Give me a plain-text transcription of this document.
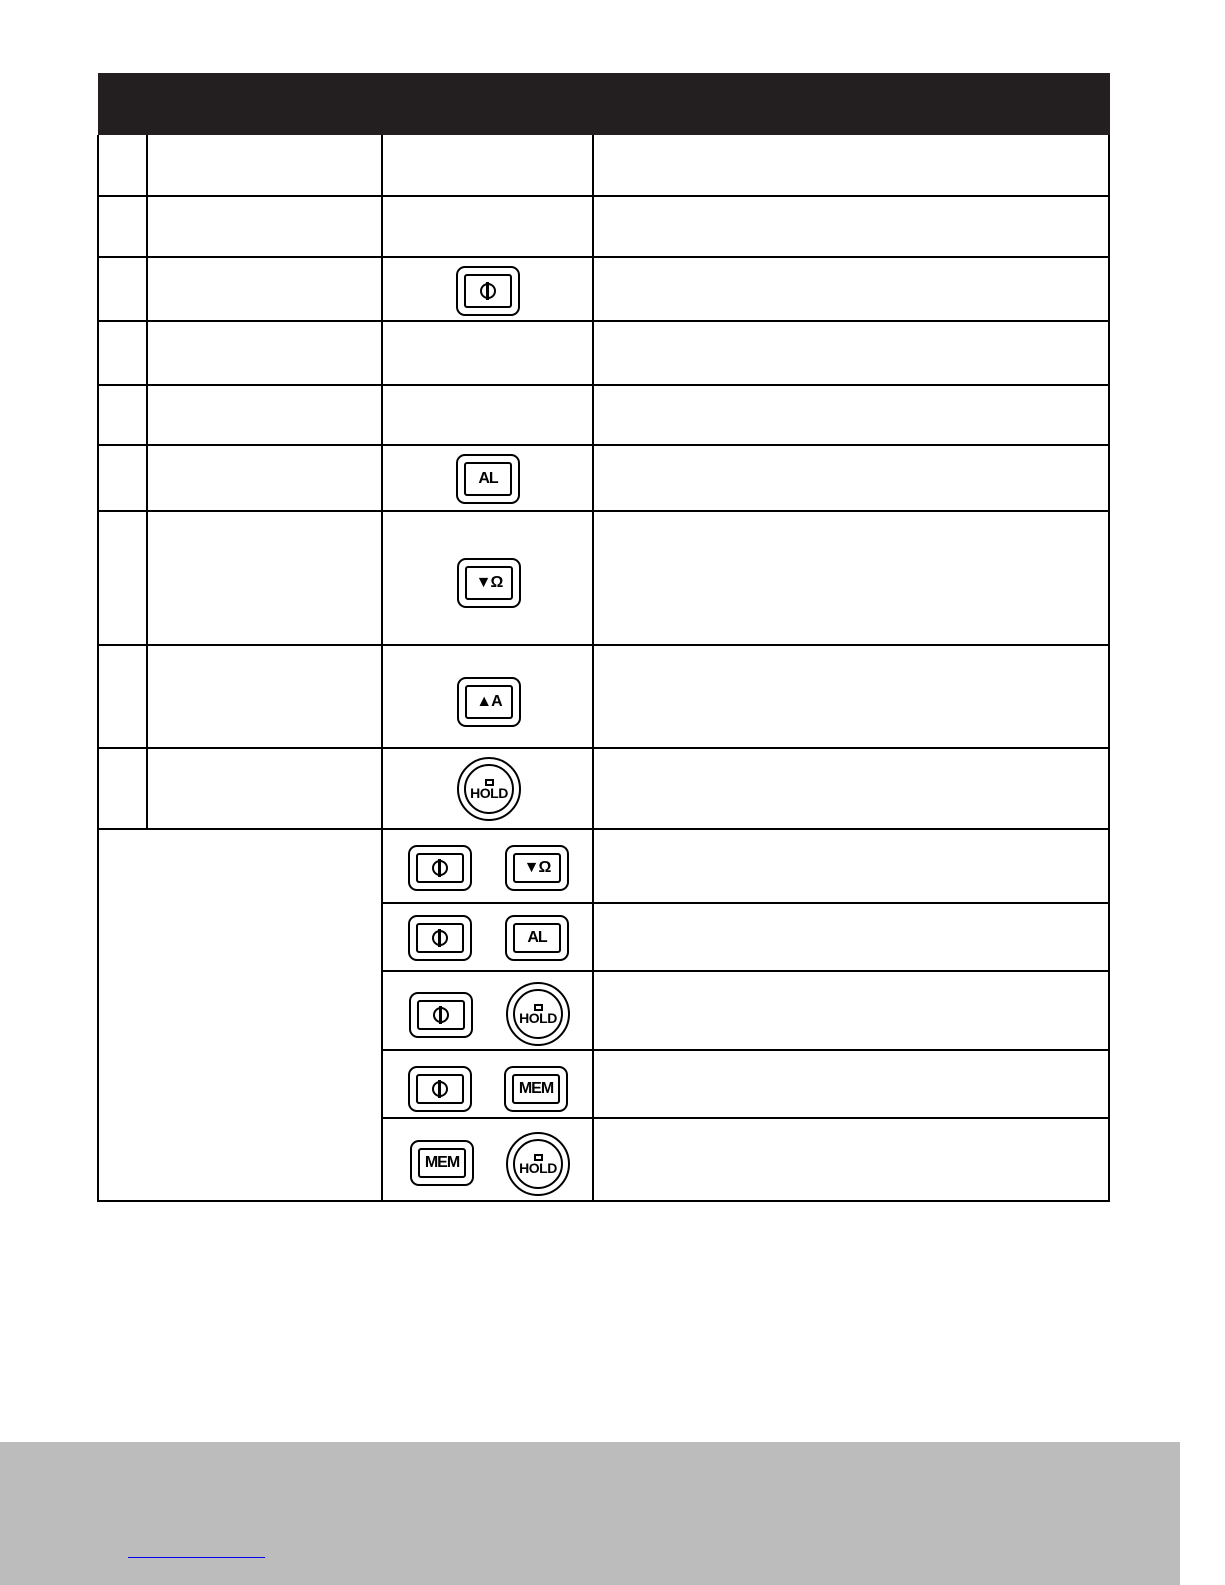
AL
▼Ω
▲A
HOLD
▼Ω
AL
HOLD
MEM
MEM	HOLD
